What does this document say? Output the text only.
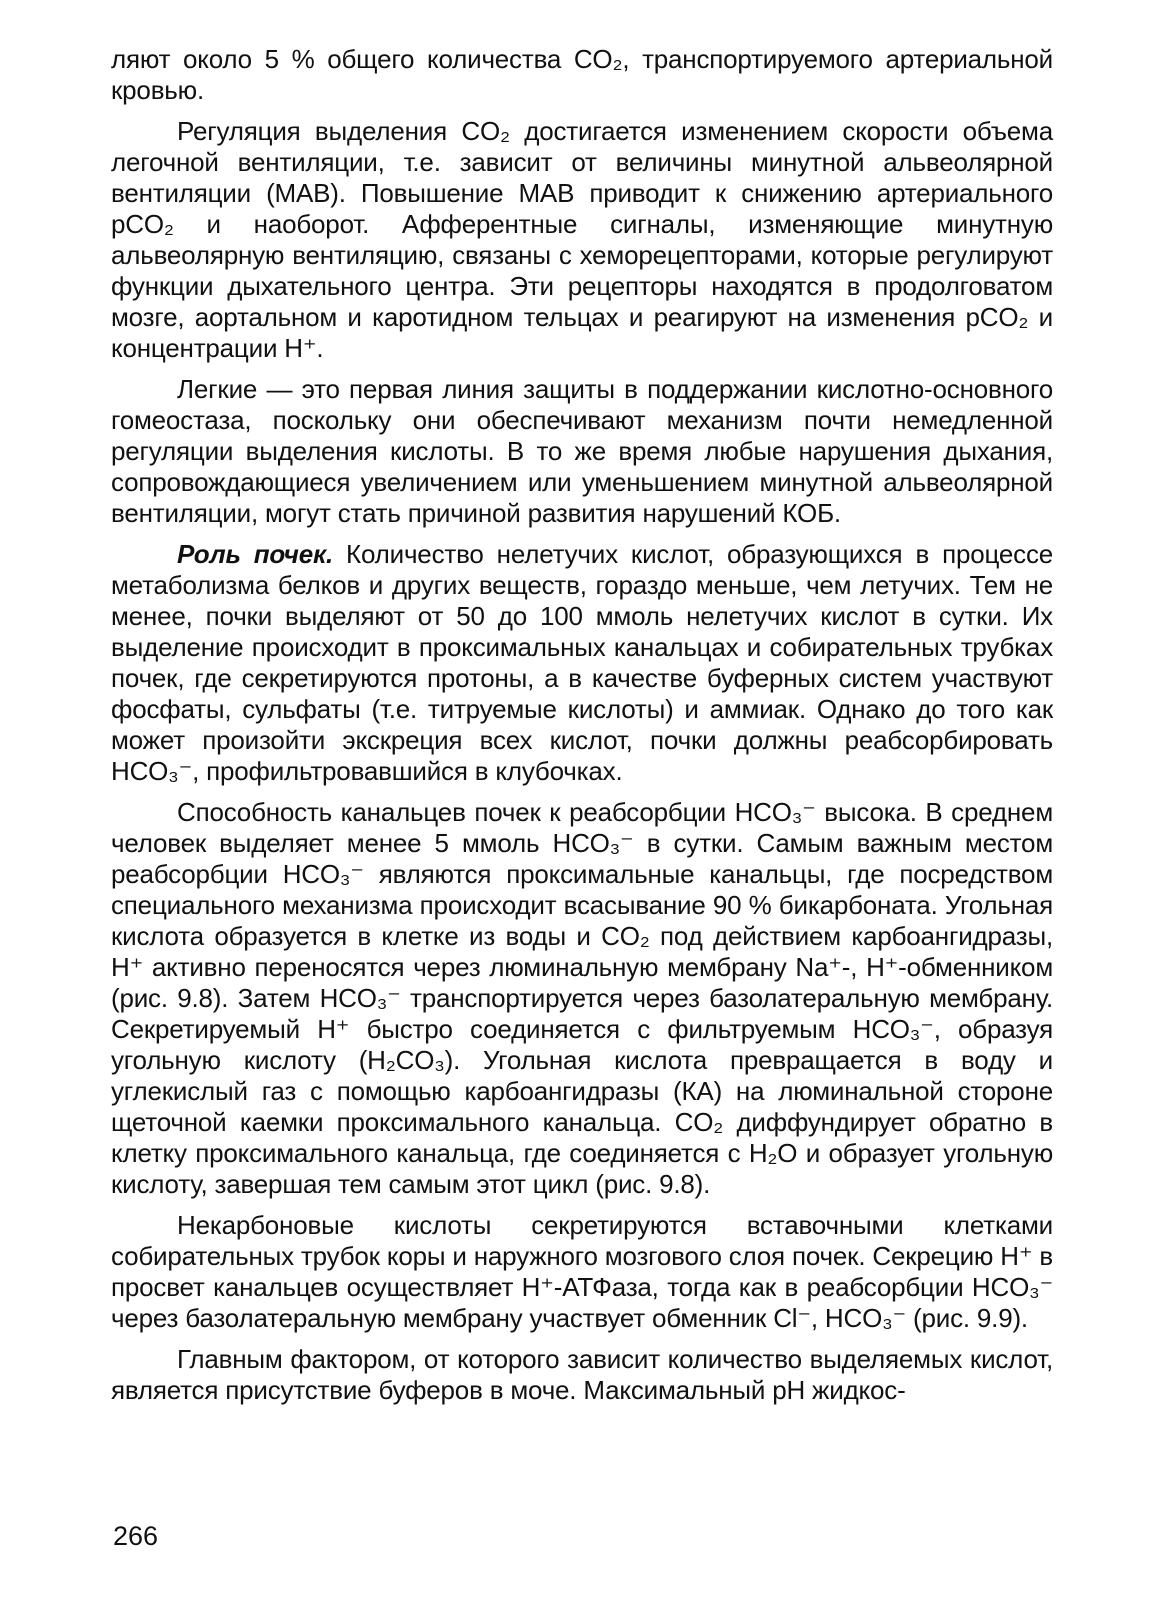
ляют около 5 % общего количества CO₂, транспортируемого артериальной кровью.

Регуляция выделения CO₂ достигается изменением скорости объема легочной вентиляции, т.е. зависит от величины минутной альвеолярной вентиляции (МАВ). Повышение МАВ приводит к снижению артериального pCO₂ и наоборот. Афферентные сигналы, изменяющие минутную альвеолярную вентиляцию, связаны с хеморецепторами, которые регулируют функции дыхательного центра. Эти рецепторы находятся в продолговатом мозге, аортальном и каротидном тельцах и реагируют на изменения pCO₂ и концентрации H⁺.

Легкие — это первая линия защиты в поддержании кислотно-основного гомеостаза, поскольку они обеспечивают механизм почти немедленной регуляции выделения кислоты. В то же время любые нарушения дыхания, сопровождающиеся увеличением или уменьшением минутной альвеолярной вентиляции, могут стать причиной развития нарушений КОБ.

Роль почек. Количество нелетучих кислот, образующихся в процессе метаболизма белков и других веществ, гораздо меньше, чем летучих. Тем не менее, почки выделяют от 50 до 100 ммоль нелетучих кислот в сутки. Их выделение происходит в проксимальных канальцах и собирательных трубках почек, где секретируются протоны, а в качестве буферных систем участвуют фосфаты, сульфаты (т.е. титруемые кислоты) и аммиак. Однако до того как может произойти экскреция всех кислот, почки должны реабсорбировать HCO₃⁻, профильтровавшийся в клубочках.

Способность канальцев почек к реабсорбции HCO₃⁻ высока. В среднем человек выделяет менее 5 ммоль HCO₃⁻ в сутки. Самым важным местом реабсорбции HCO₃⁻ являются проксимальные канальцы, где посредством специального механизма происходит всасывание 90 % бикарбоната. Угольная кислота образуется в клетке из воды и CO₂ под действием карбоангидразы, H⁺ активно переносятся через люминальную мембрану Na⁺-, H⁺-обменником (рис. 9.8). Затем HCO₃⁻ транспортируется через базолатеральную мембрану. Секретируемый H⁺ быстро соединяется с фильтруемым HCO₃⁻, образуя угольную кислоту (H₂CO₃). Угольная кислота превращается в воду и углекислый газ с помощью карбоангидразы (КА) на люминальной стороне щеточной каемки проксимального канальца. CO₂ диффундирует обратно в клетку проксимального канальца, где соединяется с H₂O и образует угольную кислоту, завершая тем самым этот цикл (рис. 9.8).

Некарбоновые кислоты секретируются вставочными клетками собирательных трубок коры и наружного мозгового слоя почек. Секрецию H⁺ в просвет канальцев осуществляет H⁺-АТФаза, тогда как в реабсорбции HCO₃⁻ через базолатеральную мембрану участвует обменник Cl⁻, HCO₃⁻ (рис. 9.9).

Главным фактором, от которого зависит количество выделяемых кислот, является присутствие буферов в моче. Максимальный pH жидкос-

266
